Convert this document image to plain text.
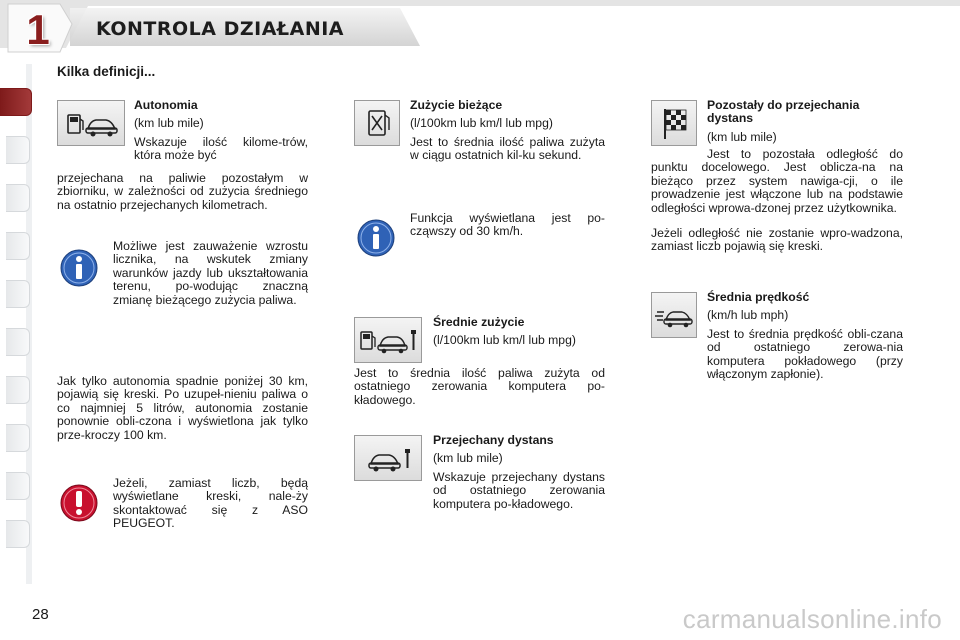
1	KONTROLA DZIAŁANIA
Kilka definicji...

Autonomia

(km lub mile)

Wskazuje ilość kilome-trów, która może być

przejechana na paliwie pozostałym w zbiorniku, w zależności od zużycia średniego na ostatnio przejechanych kilometrach.

Możliwe jest zauważenie wzrostu licznika, na wskutek zmiany warunków jazdy lub ukształtowania terenu, po-wodując znaczną zmianę bieżącego zużycia paliwa.

Jak tylko autonomia spadnie poniżej 30 km, pojawią się kreski. Po uzupeł-nieniu paliwa o co najmniej 5 litrów, autonomia zostanie ponownie obli-czona i wyświetlona jak tylko prze-kroczy 100 km.
Jeżeli, zamiast liczb, będą wyświetlane kreski, nale-ży skontaktować się z ASO PEUGEOT.

Zużycie bieżące

(l/100km lub km/l lub mpg)

Jest to średnia ilość paliwa zużyta w ciągu ostatnich kil-ku sekund.

Funkcja wyświetlana jest po-cząwszy od 30 km/h.

Średnie zużycie

(l/100km lub km/l lub mpg)

Jest to średnia ilość paliwa zużyta od ostatniego zerowania komputera po-kładowego.

Przejechany dystans

(km lub mile)

Wskazuje przejechany dystans od ostatniego zerowania komputera po-kładowego.

Pozostały do przejechania dystans

(km lub mile)

Jest to pozostała odległość do punktu docelowego. Jest oblicza-na na bieżąco przez system nawiga-cji, o ile prowadzenie jest włączone lub na podstawie odległości wprowa-dzonej przez użytkownika.
Jeżeli odległość nie zostanie wpro-wadzona, zamiast liczb pojawią się kreski.

Średnia prędkość

(km/h lub mph)

Jest to średnia prędkość obli-czana od ostatniego zerowa-nia komputera pokładowego (przy włączonym zapłonie).

28	carmanualsonline.info
